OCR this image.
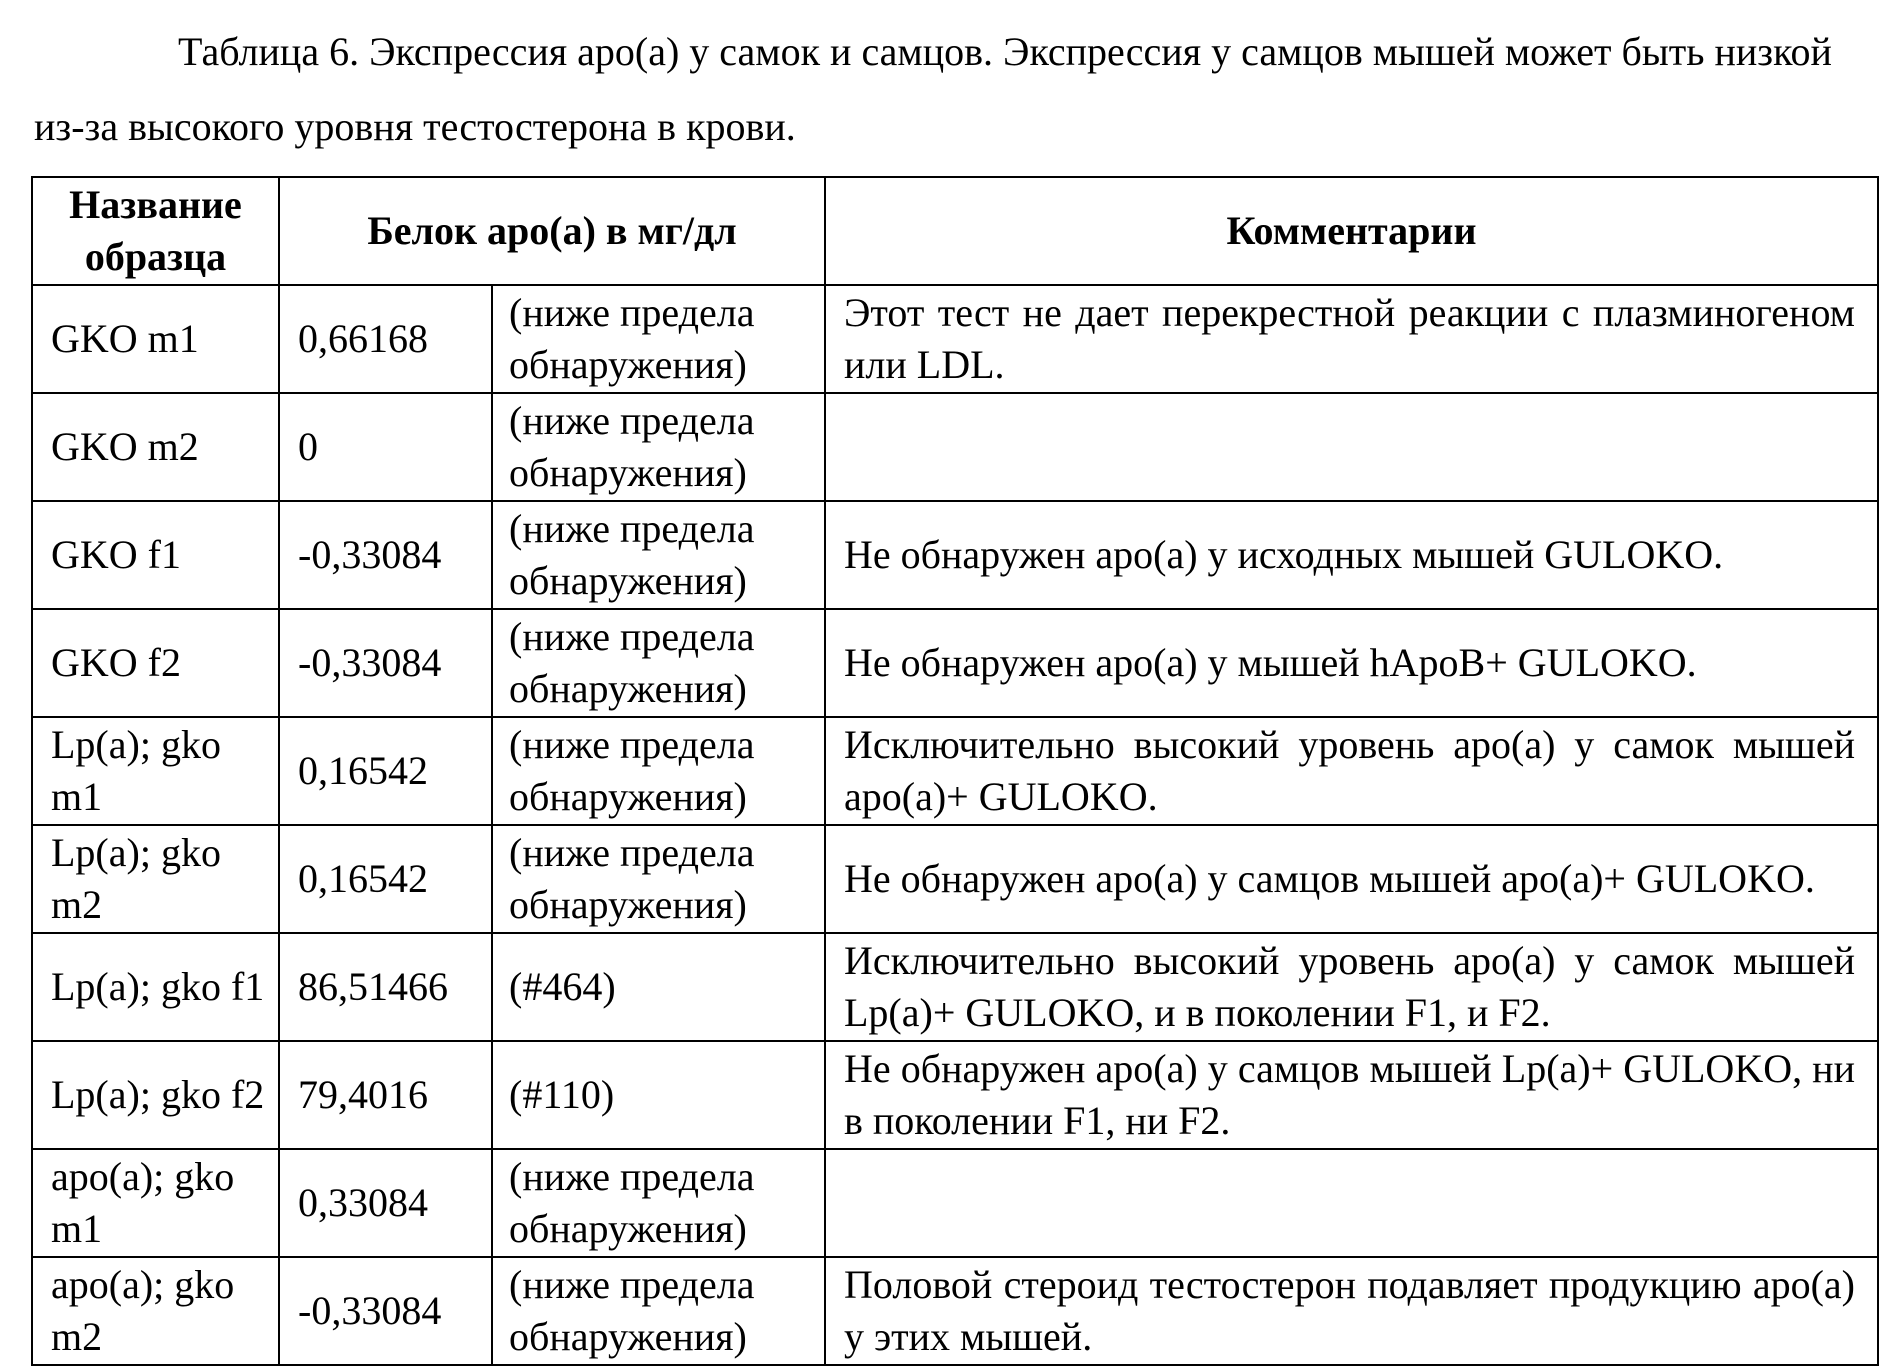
Таблица 6. Экспрессия apo(a) у самок и самцов. Экспрессия у самцов мышей может быть низкой из-за высокого уровня тестостерона в крови.
Название образца	Белок apo(a) в мг/дл		Комментарии
GKO m1	0,66168	(ниже предела обнаружения)	Этот тест не дает перекрестной реакции с плазминогеном или LDL.
GKO m2	0	(ниже предела обнаружения)	
GKO f1	-0,33084	(ниже предела обнаружения)	Не обнаружен apo(a) у исходных мышей GULOKO.
GKO f2	-0,33084	(ниже предела обнаружения)	Не обнаружен apo(a) у мышей hApoB+ GULOKO.
Lp(a); gko m1	0,16542	(ниже предела обнаружения)	Исключительно высокий уровень apo(a) у самок мышей apo(a)+ GULOKO.
Lp(a); gko m2	0,16542	(ниже предела обнаружения)	Не обнаружен apo(a) у самцов мышей apo(a)+ GULOKO.
Lp(a); gko f1	86,51466	(#464)	Исключительно высокий уровень apo(a) у самок мышей Lp(a)+ GULOKO, и в поколении F1, и F2.
Lp(a); gko f2	79,4016	(#110)	Не обнаружен apo(a) у самцов мышей Lp(a)+ GULOKO, ни в поколении F1, ни F2.
apo(a); gko m1	0,33084	(ниже предела обнаружения)	
apo(a); gko m2	-0,33084	(ниже предела обнаружения)	Половой стероид тестостерон подавляет продукцию apo(a) у этих мышей.
